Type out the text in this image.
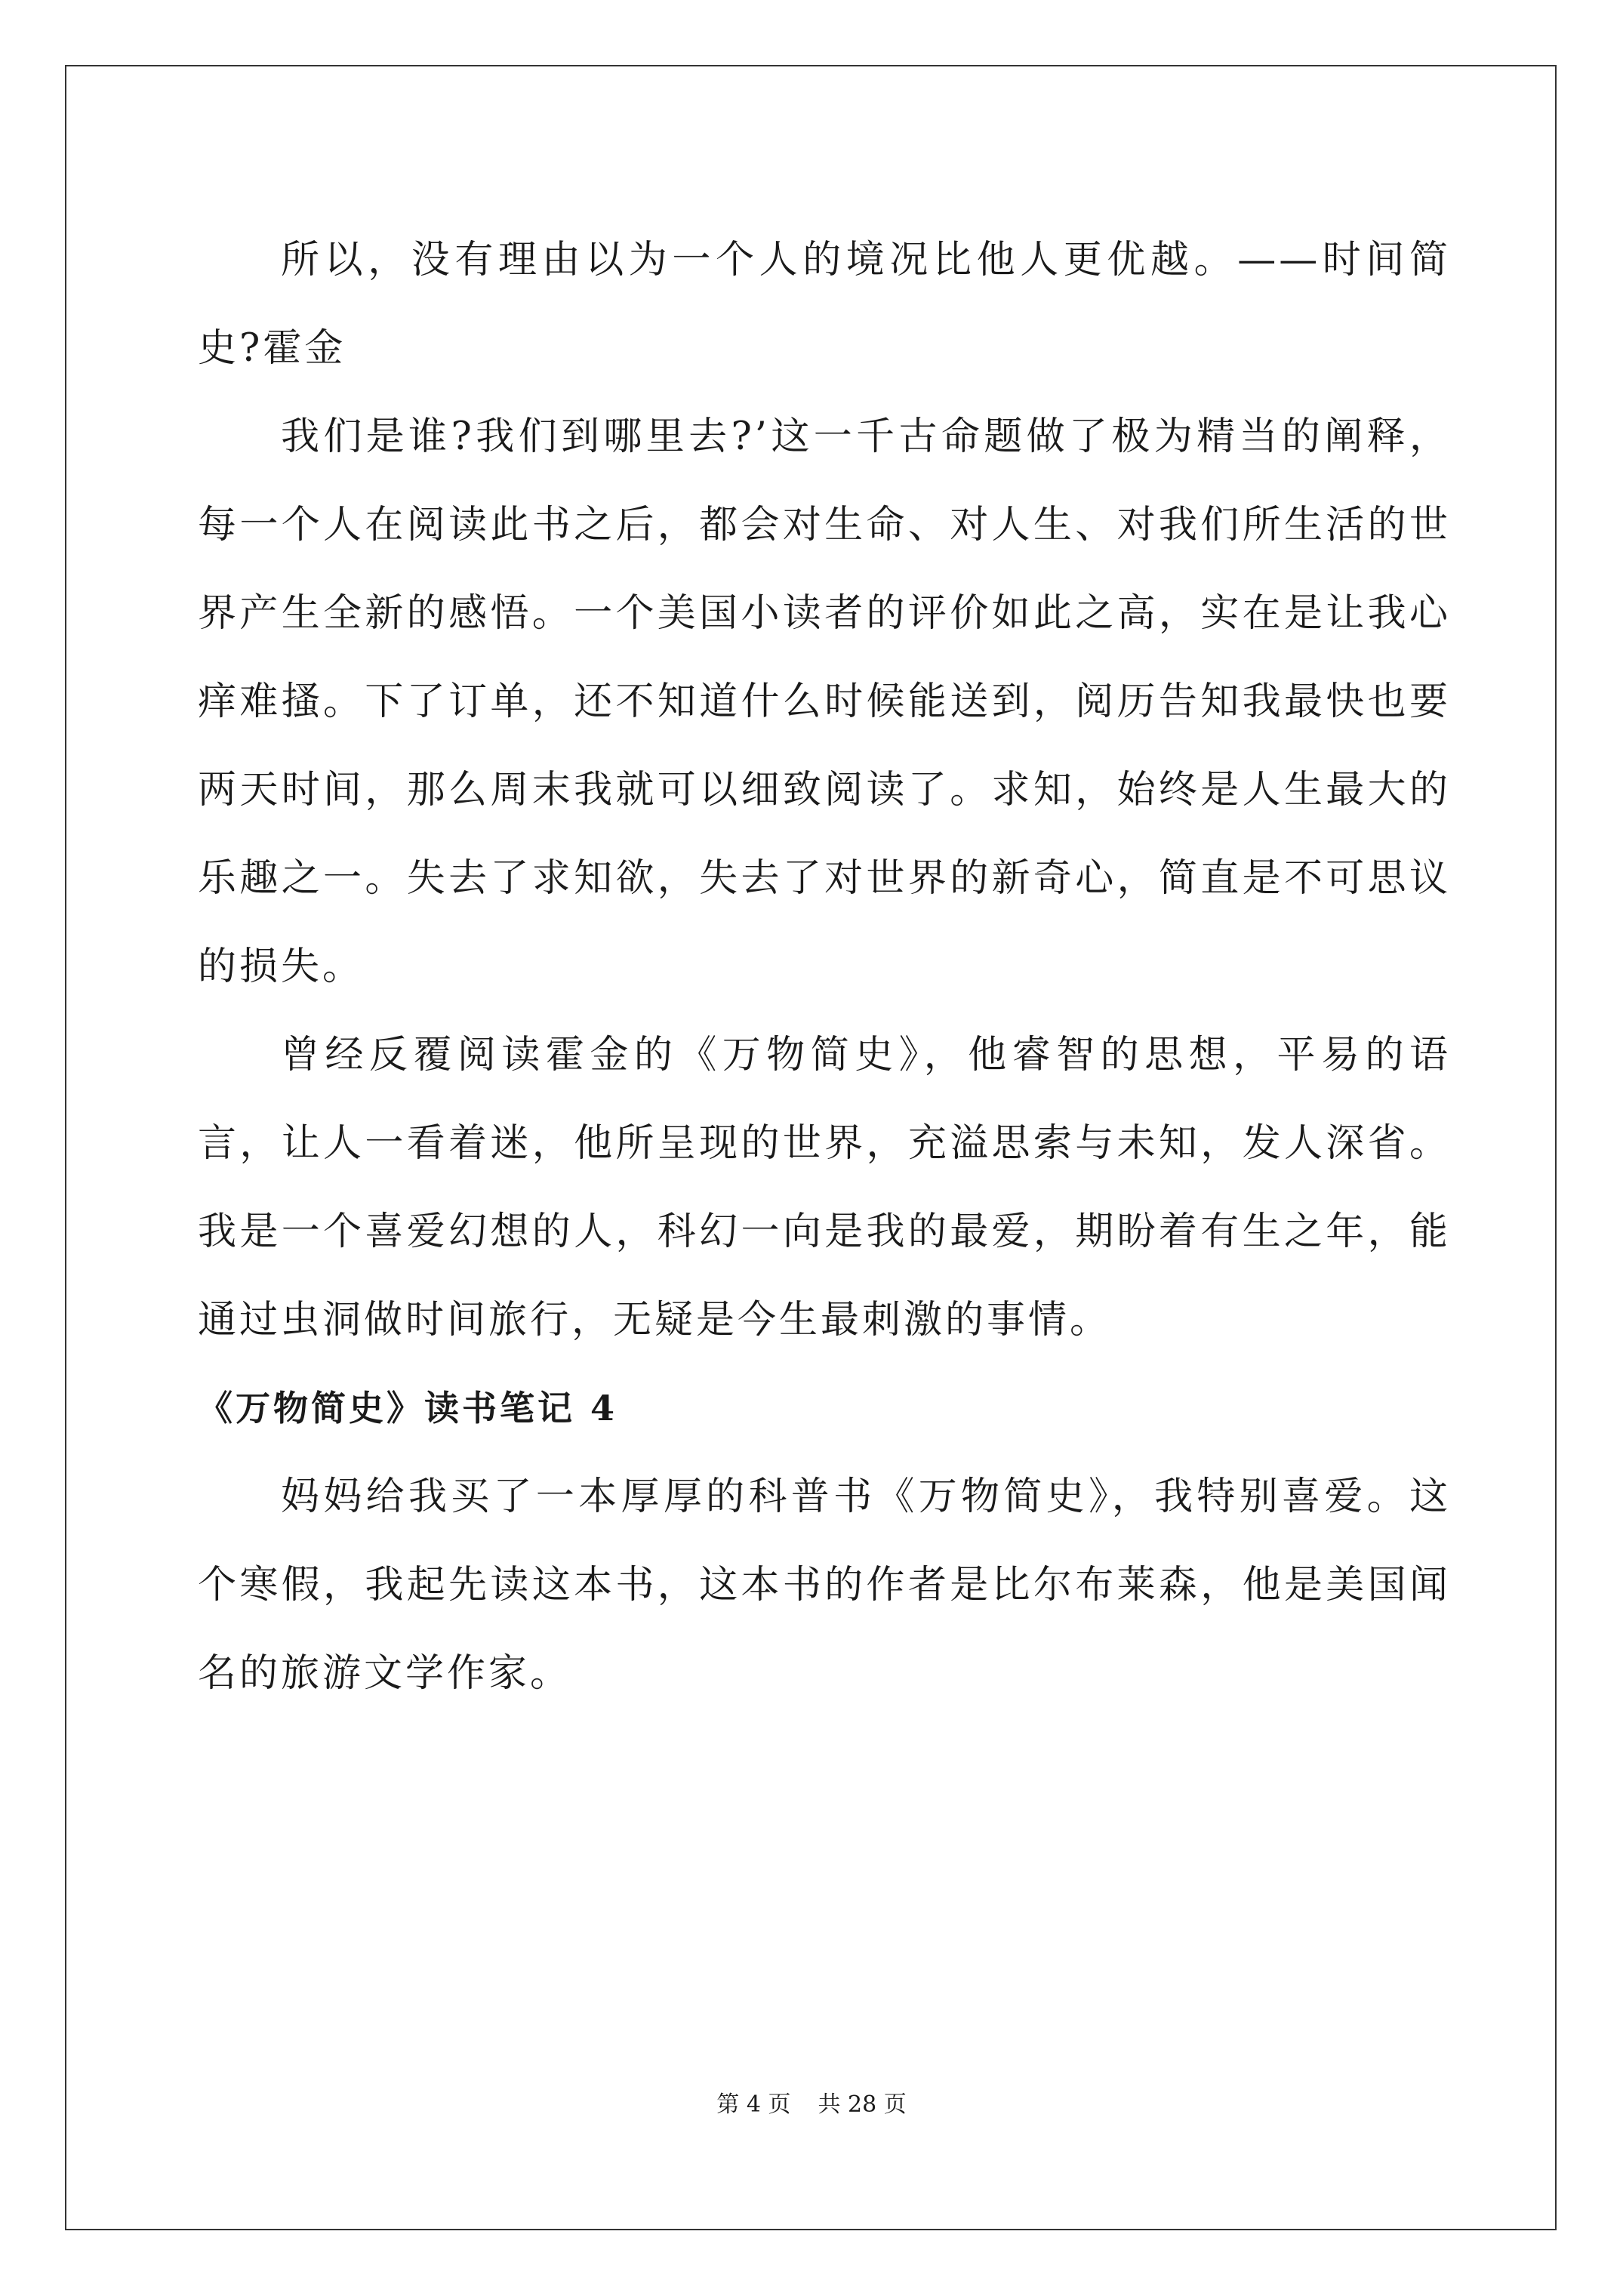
所以，没有理由以为一个人的境况比他人更优越。——时间简史?霍金

我们是谁?我们到哪里去?’这一千古命题做了极为精当的阐释，每一个人在阅读此书之后，都会对生命、对人生、对我们所生活的世界产生全新的感悟。一个美国小读者的评价如此之高，实在是让我心痒难搔。下了订单，还不知道什么时候能送到，阅历告知我最快也要两天时间，那么周末我就可以细致阅读了。求知，始终是人生最大的乐趣之一。失去了求知欲，失去了对世界的新奇心，简直是不可思议的损失。

曾经反覆阅读霍金的《万物简史》，他睿智的思想，平易的语言，让人一看着迷，他所呈现的世界，充溢思索与未知，发人深省。我是一个喜爱幻想的人，科幻一向是我的最爱，期盼着有生之年，能通过虫洞做时间旅行，无疑是今生最刺激的事情。

《万物简史》读书笔记 4

妈妈给我买了一本厚厚的科普书《万物简史》，我特别喜爱。这个寒假，我起先读这本书，这本书的作者是比尔布莱森，他是美国闻名的旅游文学作家。

第 4 页 共 28 页
